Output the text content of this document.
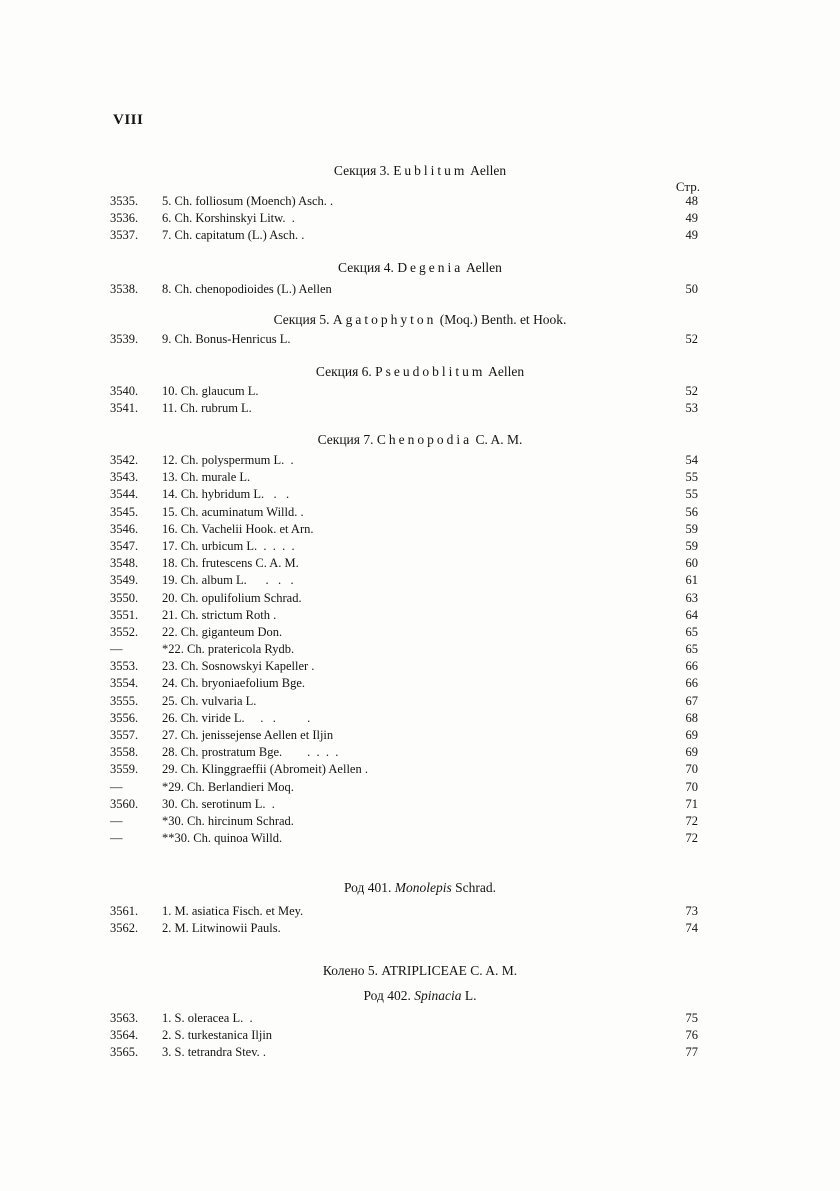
VIII
Секция 3. Eublitum Aellen
Стр.
3535.	5. Ch. folliosum (Moench) Asch. .	48
3536.	6. Ch. Korshinskyi Litw.  .	49
3537.	7. Ch. capitatum (L.) Asch. .	49
Секция 4. Degenia Aellen
3538.	8. Ch. chenopodioides (L.) Aellen	50
Секция 5. Agatophyton (Moq.) Benth. et Hook.
3539.	9. Ch. Bonus-Henricus L.	52
Секция 6. Pseudoblitum Aellen
3540.	10. Ch. glaucum L.	52
3541.	11. Ch. rubrum L.	53
Секция 7. Chenopodia C. A. M.
3542.	12. Ch. polyspermum L.  .	54
3543.	13. Ch. murale L.	55
3544.	14. Ch. hybridum L.   .   .	55
3545.	15. Ch. acuminatum Willd. .	56
3546.	16. Ch. Vachelii Hook. et Arn.	59
3547.	17. Ch. urbicum L.  .  .  .  .	59
3548.	18. Ch. frutescens C. A. M.	60
3549.	19. Ch. album L.      .   .   .	61
3550.	20. Ch. opulifolium Schrad.	63
3551.	21. Ch. strictum Roth .	64
3552.	22. Ch. giganteum Don.	65
—	*22. Ch. pratericola Rydb.	65
3553.	23. Ch. Sosnowskyi Kapeller .	66
3554.	24. Ch. bryoniaefolium Bge.	66
3555.	25. Ch. vulvaria L.	67
3556.	26. Ch. viride L.     .   .          .	68
3557.	27. Ch. jenissejense Aellen et Iljin	69
3558.	28. Ch. prostratum Bge.        .  .  .  .	69
3559.	29. Ch. Klinggraeffii (Abromeit) Aellen .	70
—	*29. Ch. Berlandieri Moq.	70
3560.	30. Ch. serotinum L.  .	71
—	*30. Ch. hircinum Schrad.	72
—	**30. Ch. quinoa Willd.	72
Род 401. Monolepis Schrad.
3561.	1. M. asiatica Fisch. et Mey.	73
3562.	2. M. Litwinowii Pauls.	74
Колено 5. ATRIPLICEAE C. A. M.
Род 402. Spinacia L.
3563.	1. S. oleracea L.  .	75
3564.	2. S. turkestanica Iljin	76
3565.	3. S. tetrandra Stev. .	77
